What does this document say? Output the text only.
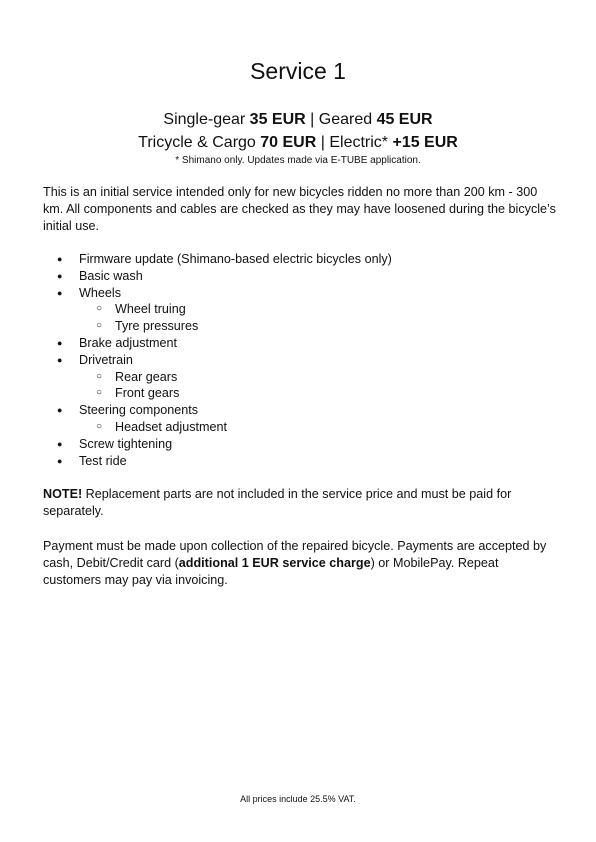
Service 1

Single-gear 35 EUR | Geared 45 EUR

Tricycle & Cargo 70 EUR | Electric* +15 EUR

* Shimano only. Updates made via E-TUBE application.

This is an initial service intended only for new bicycles ridden no more than 200 km - 300 km. All components and cables are checked as they may have loosened during the bicycle’s initial use.

● Firmware update (Shimano-based electric bicycles only)
● Basic wash
● Wheels
○ Wheel truing
○ Tyre pressures
● Brake adjustment
● Drivetrain
○ Rear gears
○ Front gears
● Steering components
○ Headset adjustment
● Screw tightening
● Test ride

NOTE! Replacement parts are not included in the service price and must be paid for separately.

Payment must be made upon collection of the repaired bicycle. Payments are accepted by cash, Debit/Credit card (additional 1 EUR service charge) or MobilePay. Repeat customers may pay via invoicing.

All prices include 25.5% VAT.
